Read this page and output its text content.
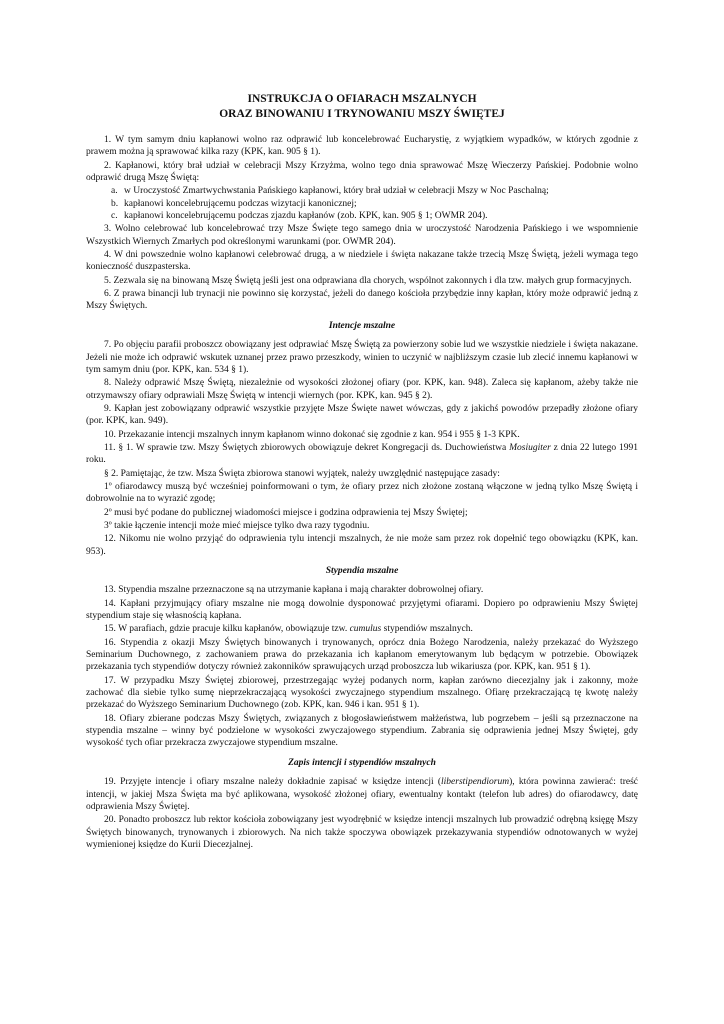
INSTRUKCJA O OFIARACH MSZALNYCH
ORAZ BINOWANIU I TRYNOWANIU MSZY ŚWIĘTEJ

1. W tym samym dniu kapłanowi wolno raz odprawić lub koncelebrować Eucharystię, z wyjątkiem wypadków, w których zgodnie z prawem można ją sprawować kilka razy (KPK, kan. 905 § 1).

2. Kapłanowi, który brał udział w celebracji Mszy Krzyżma, wolno tego dnia sprawować Mszę Wieczerzy Pańskiej. Podobnie wolno odprawić drugą Mszę Świętą:

a. w Uroczystość Zmartwychwstania Pańskiego kapłanowi, który brał udział w celebracji Mszy w Noc Paschalną;
b. kapłanowi koncelebrującemu podczas wizytacji kanonicznej;
c. kapłanowi koncelebrującemu podczas zjazdu kapłanów (zob. KPK, kan. 905 § 1; OWMR 204).

3. Wolno celebrować lub koncelebrować trzy Msze Święte tego samego dnia w uroczystość Narodzenia Pańskiego i we wspomnienie Wszystkich Wiernych Zmarłych pod określonymi warunkami (por. OWMR 204).

4. W dni powszednie wolno kapłanowi celebrować drugą, a w niedziele i święta nakazane także trzecią Mszę Świętą, jeżeli wymaga tego konieczność duszpasterska.

5. Zezwala się na binowaną Mszę Świętą jeśli jest ona odprawiana dla chorych, wspólnot zakonnych i dla tzw. małych grup formacyjnych.

6. Z prawa binancji lub trynacji nie powinno się korzystać, jeżeli do danego kościoła przybędzie inny kapłan, który może odprawić jedną z Mszy Świętych.

Intencje mszalne

7. Po objęciu parafii proboszcz obowiązany jest odprawiać Mszę Świętą za powierzony sobie lud we wszystkie niedziele i święta nakazane. Jeżeli nie może ich odprawić wskutek uznanej przez prawo przeszkody, winien to uczynić w najbliższym czasie lub zlecić innemu kapłanowi w tym samym dniu (por. KPK, kan. 534 § 1).

8. Należy odprawić Mszę Świętą, niezależnie od wysokości złożonej ofiary (por. KPK, kan. 948). Zaleca się kapłanom, ażeby także nie otrzymawszy ofiary odprawiali Mszę Świętą w intencji wiernych (por. KPK, kan. 945 § 2).

9. Kapłan jest zobowiązany odprawić wszystkie przyjęte Msze Święte nawet wówczas, gdy z jakichś powodów przepadły złożone ofiary (por. KPK, kan. 949).

10. Przekazanie intencji mszalnych innym kapłanom winno dokonać się zgodnie z kan. 954 i 955 § 1-3 KPK.

11. § 1. W sprawie tzw. Mszy Świętych zbiorowych obowiązuje dekret Kongregacji ds. Duchowieństwa Mosiugiter z dnia 22 lutego 1991 roku.

§ 2. Pamiętając, że tzw. Msza Święta zbiorowa stanowi wyjątek, należy uwzględnić następujące zasady:

1º ofiarodawcy muszą być wcześniej poinformowani o tym, że ofiary przez nich złożone zostaną włączone w jedną tylko Mszę Świętą i dobrowolnie na to wyrazić zgodę;

2º musi być podane do publicznej wiadomości miejsce i godzina odprawienia tej Mszy Świętej;

3º takie łączenie intencji może mieć miejsce tylko dwa razy tygodniu.

12. Nikomu nie wolno przyjąć do odprawienia tylu intencji mszalnych, że nie może sam przez rok dopełnić tego obowiązku (KPK, kan. 953).

Stypendia mszalne

13. Stypendia mszalne przeznaczone są na utrzymanie kapłana i mają charakter dobrowolnej ofiary.

14. Kapłani przyjmujący ofiary mszalne nie mogą dowolnie dysponować przyjętymi ofiarami. Dopiero po odprawieniu Mszy Świętej stypendium staje się własnością kapłana.

15. W parafiach, gdzie pracuje kilku kapłanów, obowiązuje tzw. cumulus stypendiów mszalnych.

16. Stypendia z okazji Mszy Świętych binowanych i trynowanych, oprócz dnia Bożego Narodzenia, należy przekazać do Wyższego Seminarium Duchownego, z zachowaniem prawa do przekazania ich kapłanom emerytowanym lub będącym w potrzebie. Obowiązek przekazania tych stypendiów dotyczy również zakonników sprawujących urząd proboszcza lub wikariusza (por. KPK, kan. 951 § 1).

17. W przypadku Mszy Świętej zbiorowej, przestrzegając wyżej podanych norm, kapłan zarówno diecezjalny jak i zakonny, może zachować dla siebie tylko sumę nieprzekraczającą wysokości zwyczajnego stypendium mszalnego. Ofiarę przekraczającą tę kwotę należy przekazać do Wyższego Seminarium Duchownego (zob. KPK, kan. 946 i kan. 951 § 1).

18. Ofiary zbierane podczas Mszy Świętych, związanych z błogosławieństwem małżeństwa, lub pogrzebem – jeśli są przeznaczone na stypendia mszalne – winny być podzielone w wysokości zwyczajowego stypendium. Zabrania się odprawienia jednej Mszy Świętej, gdy wysokość tych ofiar przekracza zwyczajowe stypendium mszalne.

Zapis intencji i stypendiów mszalnych

19. Przyjęte intencje i ofiary mszalne należy dokładnie zapisać w księdze intencji (liberstipendiorum), która powinna zawierać: treść intencji, w jakiej Msza Święta ma być aplikowana, wysokość złożonej ofiary, ewentualny kontakt (telefon lub adres) do ofiarodawcy, datę odprawienia Mszy Świętej.

20. Ponadto proboszcz lub rektor kościoła zobowiązany jest wyodrębnić w księdze intencji mszalnych lub prowadzić odrębną księgę Mszy Świętych binowanych, trynowanych i zbiorowych. Na nich także spoczywa obowiązek przekazywania stypendiów odnotowanych w wyżej wymienionej księdze do Kurii Diecezjalnej.
